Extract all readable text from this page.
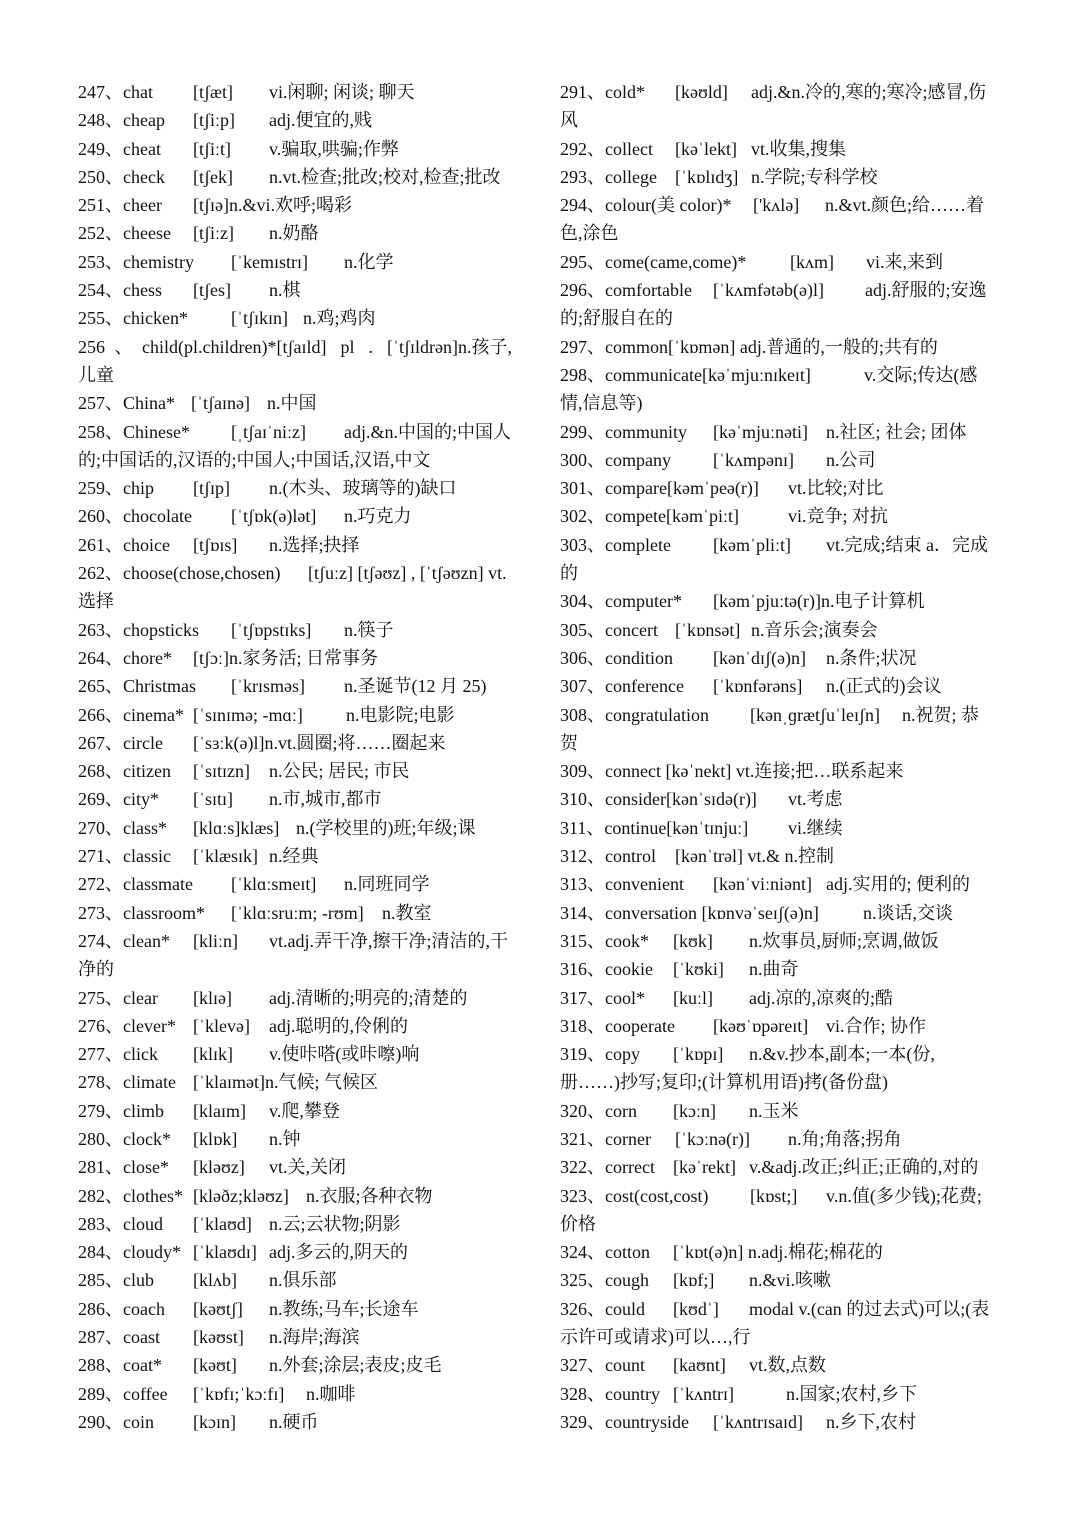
247、chat [tʃæt] vi.闲聊; 闲谈; 聊天
248、cheap [tʃiːp] adj.便宜的,贱
249、cheat [tʃiːt] v.骗取,哄骗;作弊
250、check [tʃek] n.vt.检查;批改;校对,检查;批改
251、cheer [tʃɪə]n.&vi.欢呼;喝彩
252、cheese [tʃiːz] n.奶酪
253、chemistry [ˈkemɪstrɪ] n.化学
254、chess [tʃes] n.棋
255、chicken* [ˈtʃɪkɪn] n.鸡;鸡肉
256、child(pl.children)*[tʃaɪld] pl . [ˈtʃɪldrən]n.孩子,
儿童
257、China* [ˈtʃaɪnə] n.中国
258、Chinese* [ˌtʃaɪˈniːz] adj.&n.中国的;中国人
的;中国话的,汉语的;中国人;中国话,汉语,中文
259、chip [tʃɪp] n.(木头、玻璃等的)缺口
260、chocolate [ˈtʃɒk(ə)lət] n.巧克力
261、choice [tʃɒɪs] n.选择;抉择
262、choose(chose,chosen) [tʃuːz] [tʃəʊz] , [ˈtʃəʊzn] vt.
选择
263、chopsticks [ˈtʃɒpstɪks] n.筷子
264、chore* [tʃɔː]n.家务活; 日常事务
265、Christmas [ˈkrɪsməs] n.圣诞节(12 月 25)
266、cinema* [ˈsɪnɪmə; -mɑː] n.电影院;电影
267、circle [ˈsɜːk(ə)l]n.vt.圆圈;将……圈起来
268、citizen [ˈsɪtɪzn] n.公民; 居民; 市民
269、city* [ˈsɪtɪ] n.市,城市,都市
270、class* [klɑːs]klæs] n.(学校里的)班;年级;课
271、classic [ˈklæsɪk] n.经典
272、classmate [ˈklɑːsmeɪt] n.同班同学
273、classroom* [ˈklɑːsruːm; -rʊm] n.教室
274、clean* [kliːn] vt.adj.弄干净,擦干净;清洁的,干
净的
275、clear [klɪə] adj.清晰的;明亮的;清楚的
276、clever* [ˈklevə] adj.聪明的,伶俐的
277、click [klɪk] v.使咔嗒(或咔嚓)响
278、climate [ˈklaɪmət]n.气候; 气候区
279、climb [klaɪm] v.爬,攀登
280、clock* [klɒk] n.钟
281、close* [kləʊz] vt.关,关闭
282、clothes* [kləðz;kləʊz] n.衣服;各种衣物
283、cloud [ˈklaʊd] n.云;云状物;阴影
284、cloudy* [ˈklaʊdɪ] adj.多云的,阴天的
285、club [klʌb] n.俱乐部
286、coach [kəʊtʃ] n.教练;马车;长途车
287、coast [kəʊst] n.海岸;海滨
288、coat* [kəʊt] n.外套;涂层;表皮;皮毛
289、coffee [ˈkɒfɪ;ˈkɔːfɪ] n.咖啡
290、coin [kɔɪn] n.硬币
291、cold* [kəʊld] adj.&n.冷的,寒的;寒冷;感冒,伤
风
292、collect [kəˈlekt] vt.收集,搜集
293、college [ˈkɒlɪdʒ] n.学院;专科学校
294、colour(美 color)* ['kʌlə] n.&vt.颜色;给……着
色,涂色
295、come(came,come)* [kʌm] vi.来,来到
296、comfortable [ˈkʌmfətəb(ə)l] adj.舒服的;安逸
的;舒服自在的
297、common[ˈkɒmən] adj.普通的,一般的;共有的
298、communicate[kəˈmjuːnɪkeɪt]	v.交际;传达(感
情,信息等)
299、community [kəˈmjuːnəti] n.社区; 社会; 团体
300、company [ˈkʌmpənɪ] n.公司
301、compare[kəmˈpeə(r)] vt.比较;对比
302、compete[kəmˈpiːt]	vi.竞争; 对抗
303、complete [kəmˈpliːt] vt.完成;结束 a．完成
的
304、computer* [kəmˈpjuːtə(r)]n.电子计算机
305、concert [ˈkɒnsət] n.音乐会;演奏会
306、condition [kənˈdɪʃ(ə)n] n.条件;状况
307、conference [ˈkɒnfərəns] n.(正式的)会议
308、congratulation [kənˌɡrætʃuˈleɪʃn] n.祝贺; 恭
贺
309、connect [kəˈnekt] vt.连接;把…联系起来
310、consider[kənˈsɪdə(r)] vt.考虑
311、continue[kənˈtɪnjuː] vi.继续
312、control [kənˈtrəl] vt.& n.控制
313、convenient [kənˈviːniənt] adj.实用的; 便利的
314、conversation [kɒnvəˈseɪʃ(ə)n] n.谈话,交谈
315、cook* [kʊk] n.炊事员,厨师;烹调,做饭
316、cookie [ˈkʊki] n.曲奇
317、cool* [kuːl] adj.凉的,凉爽的;酷
318、cooperate [kəʊˈɒpəreɪt] vi.合作; 协作
319、copy [ˈkɒpɪ] n.&v.抄本,副本;一本(份,
册……)抄写;复印;(计算机用语)拷(备份盘)
320、corn [kɔːn] n.玉米
321、corner [ˈkɔːnə(r)] n.角;角落;拐角
322、correct [kəˈrekt] v.&adj.改正;纠正;正确的,对的
323、cost(cost,cost) [kɒst;] v.n.值(多少钱);花费;
价格
324、cotton [ˈkɒt(ə)n] n.adj.棉花;棉花的
325、cough [kɒf;] n.&vi.咳嗽
326、could [kʊdˈ] modal v.(can 的过去式)可以;(表
示许可或请求)可以…,行
327、count [kaʊnt] vt.数,点数
328、country [ˈkʌntrɪ]	n.国家;农村,乡下
329、countryside [ˈkʌntrɪsaɪd] n.乡下,农村
